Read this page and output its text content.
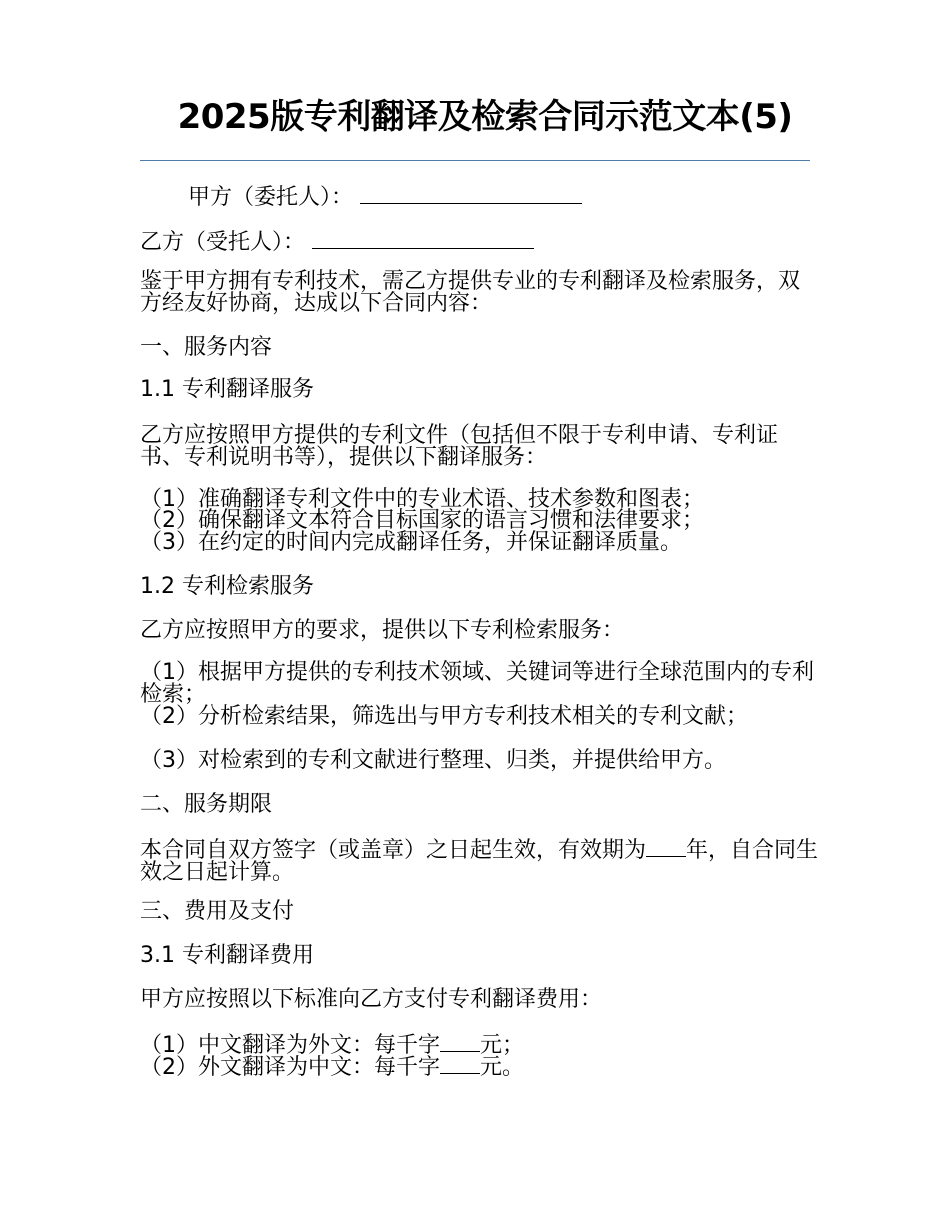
2025版专利翻译及检索合同示范文本(5)
甲方（委托人）：
乙方（受托人）：
鉴于甲方拥有专利技术，需乙方提供专业的专利翻译及检索服务，双方经友好协商，达成以下合同内容：
一、服务内容
1.1 专利翻译服务
乙方应按照甲方提供的专利文件（包括但不限于专利申请、专利证书、专利说明书等），提供以下翻译服务：
（1）准确翻译专利文件中的专业术语、技术参数和图表；
（2）确保翻译文本符合目标国家的语言习惯和法律要求；
（3）在约定的时间内完成翻译任务，并保证翻译质量。
1.2 专利检索服务
乙方应按照甲方的要求，提供以下专利检索服务：
（1）根据甲方提供的专利技术领域、关键词等进行全球范围内的专利检索；
（2）分析检索结果，筛选出与甲方专利技术相关的专利文献；
（3）对检索到的专利文献进行整理、归类，并提供给甲方。
二、服务期限
本合同自双方签字（或盖章）之日起生效，有效期为 年，自合同生效之日起计算。
三、费用及支付
3.1 专利翻译费用
甲方应按照以下标准向乙方支付专利翻译费用：
（1）中文翻译为外文：每千字 元；
（2）外文翻译为中文：每千字 元。
